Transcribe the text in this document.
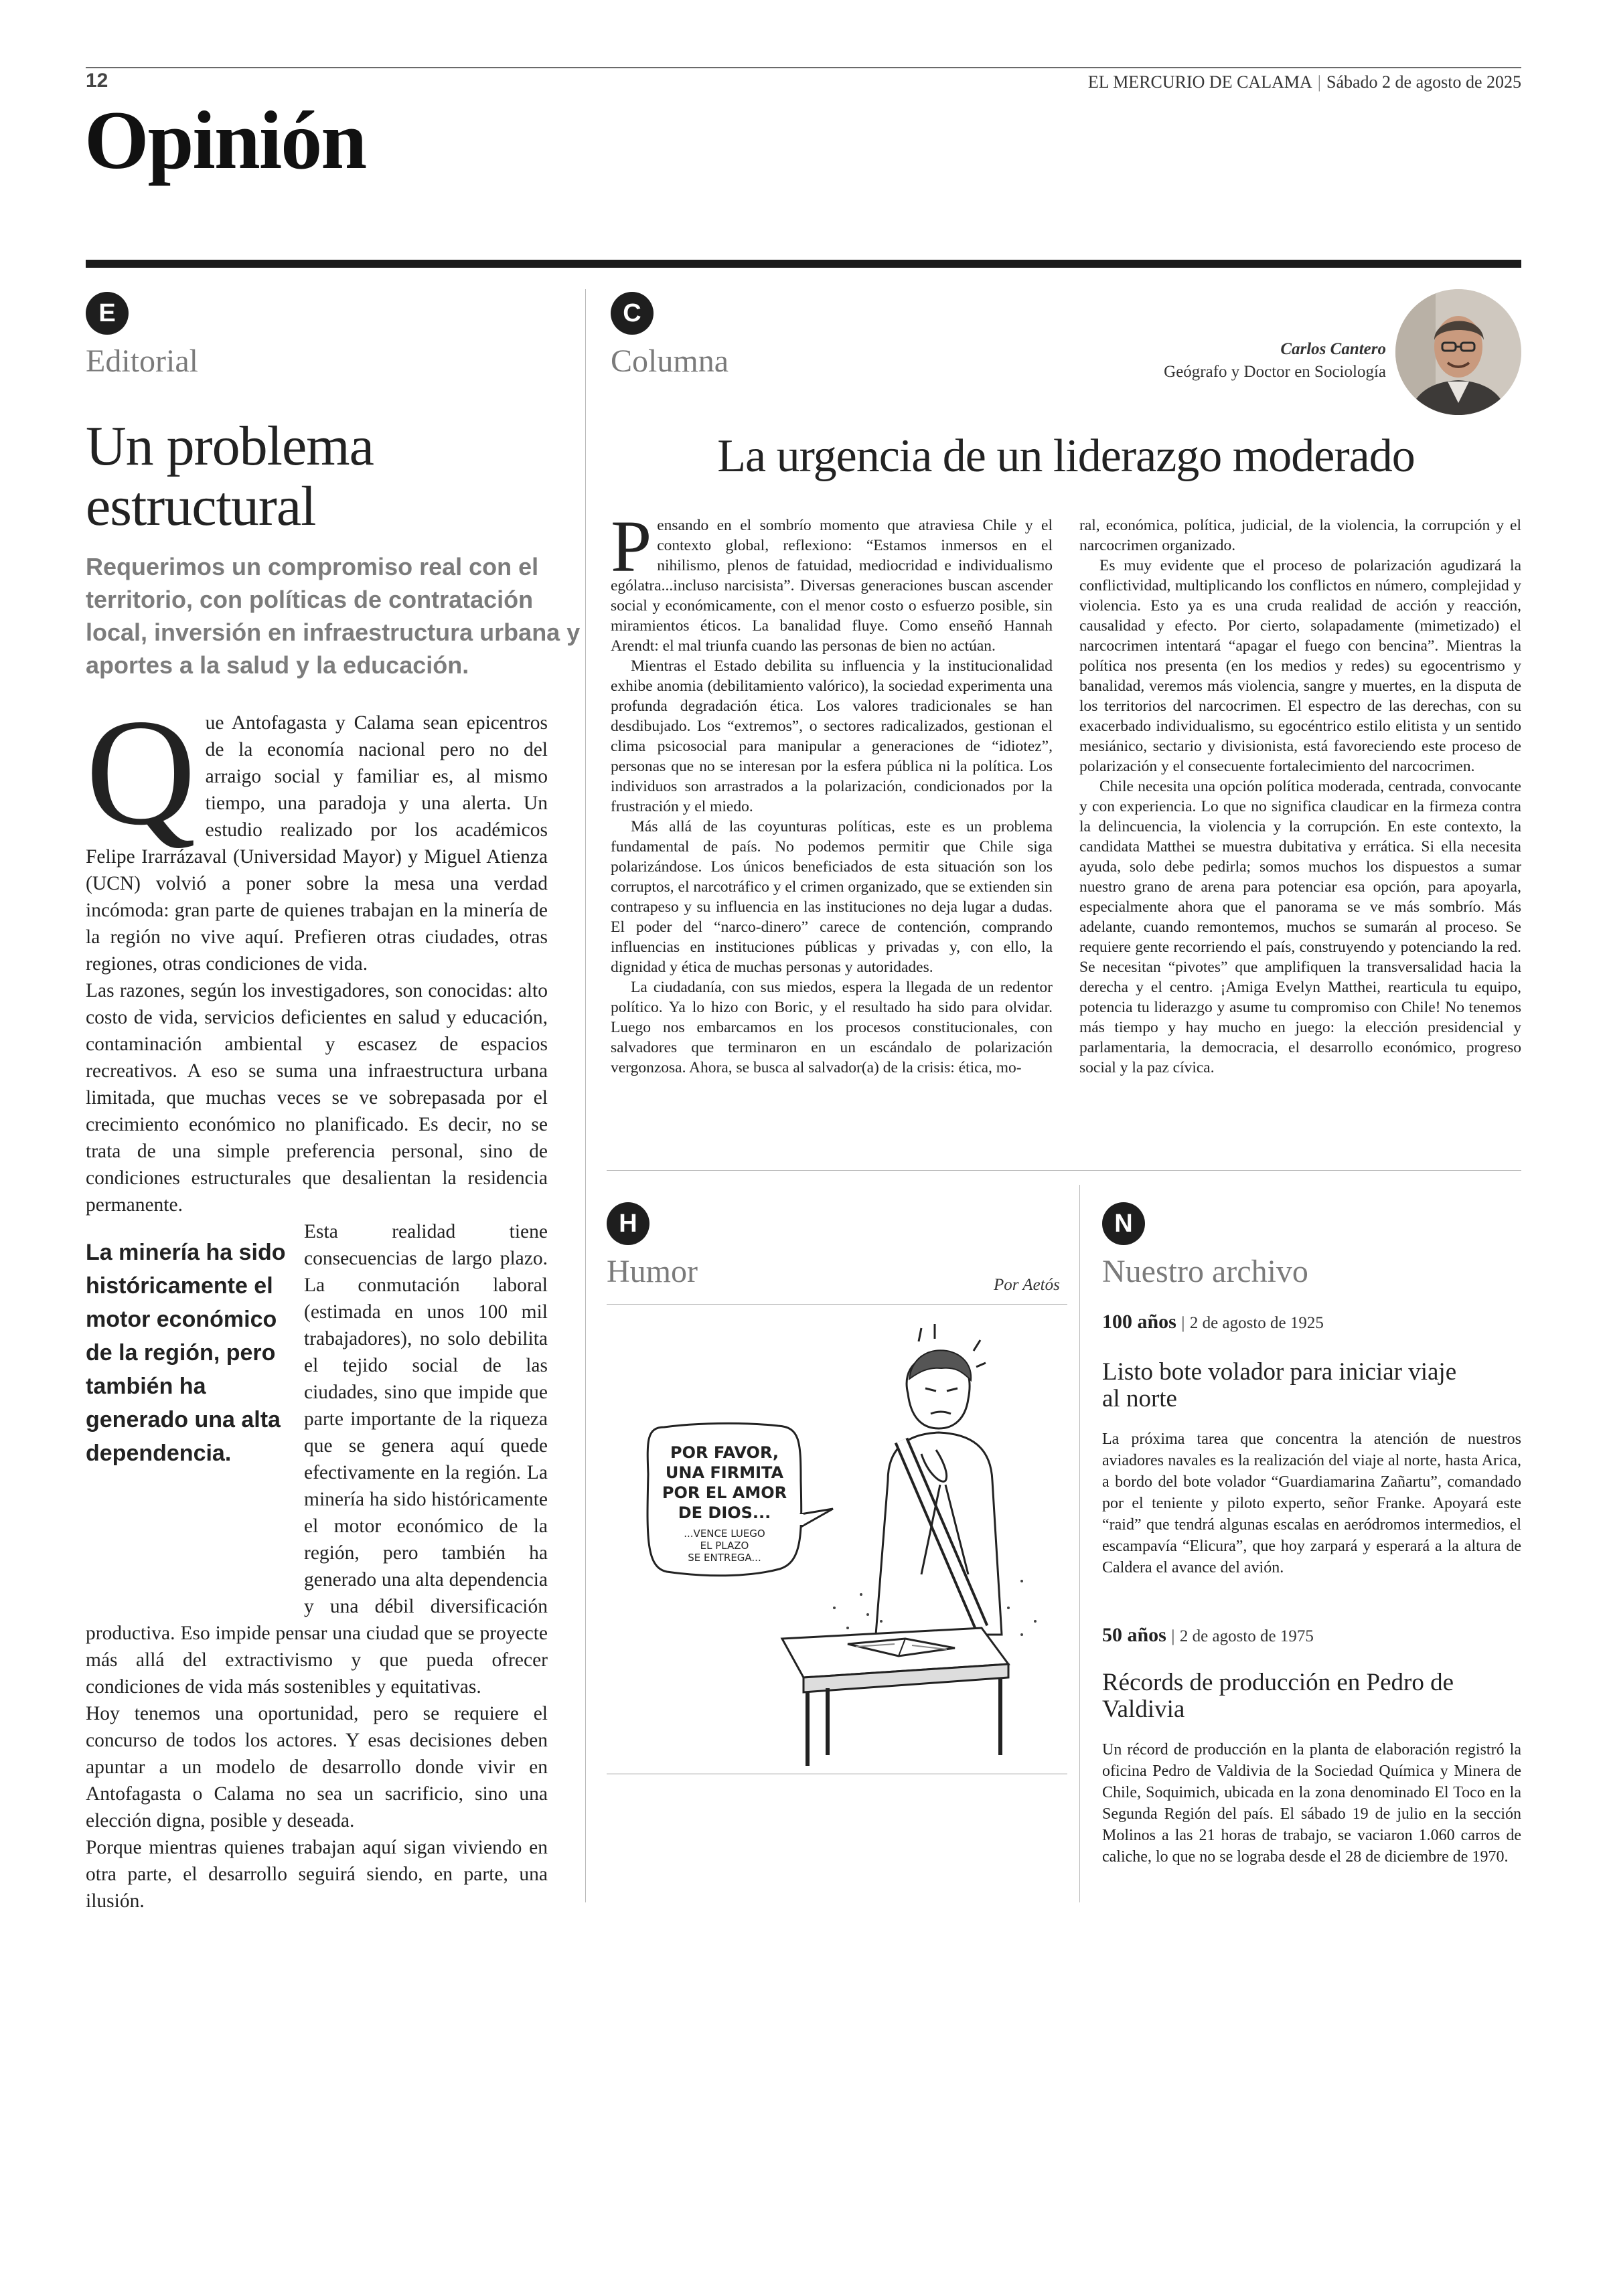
12	EL MERCURIO DE CALAMA | Sábado 2 de agosto de 2025
Opinión
E
Editorial
Un problema estructural
Requerimos un compromiso real con el territorio, con políticas de contratación local, inversión en infraestructura urbana y aportes a la salud y la educación.
Q ue Antofagasta y Calama sean epicentros de la economía nacional pero no del arraigo social y familiar es, al mismo tiempo, una paradoja y una alerta. Un estudio realizado por los académicos Felipe Irarrázaval (Universidad Mayor) y Miguel Atienza (UCN) volvió a poner sobre la mesa una verdad incómoda: gran parte de quienes trabajan en la minería de la región no vive aquí. Prefieren otras ciudades, otras regiones, otras condiciones de vida.

Las razones, según los investigadores, son conocidas: alto costo de vida, servicios deficientes en salud y educación, contaminación ambiental y escasez de espacios recreativos. A eso se suma una infraestructura urbana limitada, que muchas veces se ve sobrepasada por el crecimiento económico no planificado. Es decir, no se trata de una simple preferencia personal, sino de condiciones estructurales que desalientan la residencia permanente.

Esta realidad tiene consecuencias de largo plazo. La conmutación laboral (estimada en unos 100 mil trabajadores), no solo debilita el tejido social de las ciudades, sino que impide que parte importante de la riqueza que se genera aquí quede efectivamente en la región. La minería ha sido históricamente el motor económico de la región, pero también ha generado una alta dependencia y una débil diversificación productiva. Eso impide pensar una ciudad que se proyecte más allá del extractivismo y que pueda ofrecer condiciones de vida más sostenibles y equitativas.

Hoy tenemos una oportunidad, pero se requiere el concurso de todos los actores. Y esas decisiones deben apuntar a un modelo de desarrollo donde vivir en Antofagasta o Calama no sea un sacrificio, sino una elección digna, posible y deseada.

Porque mientras quienes trabajan aquí sigan viviendo en otra parte, el desarrollo seguirá siendo, en parte, una ilusión.

La minería ha sido históricamente el motor económico de la región, pero también ha generado una alta dependencia.
C
Columna	Carlos Cantero
Geógrafo y Doctor en Sociología
La urgencia de un liderazgo moderado
P ensando en el sombrío momento que atraviesa Chile y el contexto global, reflexiono: “Estamos inmersos en el nihilismo, plenos de fatuidad, mediocridad e individualismo ególatra...incluso narcisista”. Diversas generaciones buscan ascender social y económicamente, con el menor costo o esfuerzo posible, sin miramientos éticos. La banalidad fluye. Como enseñó Hannah Arendt: el mal triunfa cuando las personas de bien no actúan.

Mientras el Estado debilita su influencia y la institucionalidad exhibe anomia (debilitamiento valórico), la sociedad experimenta una profunda degradación ética. Los valores tradicionales se han desdibujado. Los “extremos”, o sectores radicalizados, gestionan el clima psicosocial para manipular a generaciones de “idiotez”, personas que no se interesan por la esfera pública ni la política. Los individuos son arrastrados a la polarización, condicionados por la frustración y el miedo.

Más allá de las coyunturas políticas, este es un problema fundamental de país. No podemos permitir que Chile siga polarizándose. Los únicos beneficiados de esta situación son los corruptos, el narcotráfico y el crimen organizado, que se extienden sin contrapeso y su influencia en las instituciones no deja lugar a dudas. El poder del “narco-dinero” carece de contención, comprando influencias en instituciones públicas y privadas y, con ello, la dignidad y ética de muchas personas y autoridades.

La ciudadanía, con sus miedos, espera la llegada de un redentor político. Ya lo hizo con Boric, y el resultado ha sido para olvidar. Luego nos embarcamos en los procesos constitucionales, con salvadores que terminaron en un escándalo de polarización vergonzosa. Ahora, se busca al salvador(a) de la crisis: ética, mo-

ral, económica, política, judicial, de la violencia, la corrupción y el narcocrimen organizado.

Es muy evidente que el proceso de polarización agudizará la conflictividad, multiplicando los conflictos en número, complejidad y violencia. Esto ya es una cruda realidad de acción y reacción, causalidad y efecto. Por cierto, solapadamente (mimetizado) el narcocrimen intentará “apagar el fuego con bencina”. Mientras la política nos presenta (en los medios y redes) su egocentrismo y banalidad, veremos más violencia, sangre y muertes, en la disputa de los territorios del narcocrimen. El espectro de las derechas, con su exacerbado individualismo, su egocéntrico estilo elitista y un sentido mesiánico, sectario y divisionista, está favoreciendo este proceso de polarización y el consecuente fortalecimiento del narcocrimen.

Chile necesita una opción política moderada, centrada, convocante y con experiencia. Lo que no significa claudicar en la firmeza contra la delincuencia, la violencia y la corrupción. En este contexto, la candidata Matthei se muestra dubitativa y errática. Si ella necesita ayuda, solo debe pedirla; somos muchos los dispuestos a sumar nuestro grano de arena para potenciar esa opción, para apoyarla, especialmente ahora que el panorama se ve más sombrío. Más adelante, cuando remontemos, muchos se sumarán al proceso. Se requiere gente recorriendo el país, construyendo y potenciando la red. Se necesitan “pivotes” que amplifiquen la transversalidad hacia la derecha y el centro. ¡Amiga Evelyn Matthei, rearticula tu equipo, potencia tu liderazgo y asume tu compromiso con Chile! No tenemos más tiempo y hay mucho en juego: la elección presidencial y parlamentaria, la democracia, el desarrollo económico, progreso social y la paz cívica.

H
Humor	Por Aetós
POR FAVOR,
UNA FIRMITA
POR EL AMOR
DE DIOS...
...VENCE LUEGO
EL PLAZO
SE ENTREGA...
N
Nuestro archivo
100 años | 2 de agosto de 1925
Listo bote volador para iniciar viaje al norte
La próxima tarea que concentra la atención de nuestros aviadores navales es la realización del viaje al norte, hasta Arica, a bordo del bote volador “Guardiamarina Zañartu”, comandado por el teniente y piloto experto, señor Franke. Apoyará este “raid” que tendrá algunas escalas en aeródromos intermedios, el escampavía “Elicura”, que hoy zarpará y esperará a la altura de Caldera el avance del avión.
50 años | 2 de agosto de 1975
Récords de producción en Pedro de Valdivia
Un récord de producción en la planta de elaboración registró la oficina Pedro de Valdivia de la Sociedad Química y Minera de Chile, Soquimich, ubicada en la zona denominado El Toco en la Segunda Región del país. El sábado 19 de julio en la sección Molinos a las 21 horas de trabajo, se vaciaron 1.060 carros de caliche, lo que no se lograba desde el 28 de diciembre de 1970.
